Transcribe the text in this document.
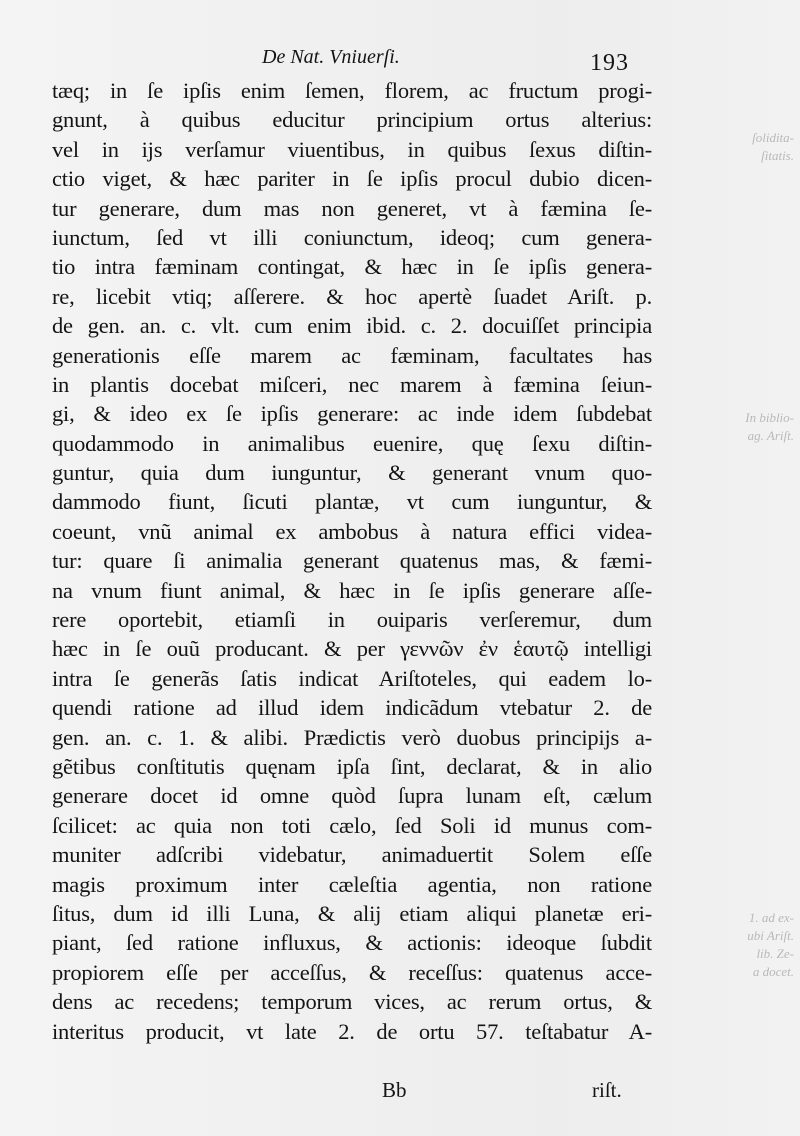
ſolidita-
ſitatis.
In biblio-
ag. Ariſt.
1. ad ex-
ubi Ariſt.
lib. Ze-
a docet.
De Nat. Vniuerſi.	193
tæq; in ſe ipſis enim ſemen, florem, ac fructum progi-
gnunt, à quibus educitur principium ortus alterius:
vel in ijs verſamur viuentibus, in quibus ſexus diſtin-
ctio viget, & hæc pariter in ſe ipſis procul dubio dicen-
tur generare, dum mas non generet, vt à fæmina ſe-
iunctum, ſed vt illi coniunctum, ideoq; cum genera-
tio intra fæminam contingat, & hæc in ſe ipſis genera-
re, licebit vtiq; aſſerere. & hoc apertè ſuadet Ariſt. p.
de gen. an. c. vlt. cum enim ibid. c. 2. docuiſſet principia
generationis eſſe marem ac fæminam, facultates has
in plantis docebat miſceri, nec marem à fæmina ſeiun-
gi, & ideo ex ſe ipſis generare: ac inde idem ſubdebat
quodammodo in animalibus euenire, quę ſexu diſtin-
guntur, quia dum iunguntur, & generant vnum quo-
dammodo fiunt, ſicuti plantæ, vt cum iunguntur, &
coeunt, vnũ animal ex ambobus à natura effici videa-
tur: quare ſi animalia generant quatenus mas, & fæmi-
na vnum fiunt animal, & hæc in ſe ipſis generare aſſe-
rere oportebit, etiamſi in ouiparis verſeremur, dum
hæc in ſe ouũ producant. & per γεννῶν ἐν ἑαυτῷ intelligi
intra ſe generãs ſatis indicat Ariſtoteles, qui eadem lo-
quendi ratione ad illud idem indicãdum vtebatur 2. de
gen. an. c. 1. & alibi. Prædictis verò duobus principijs a-
gẽtibus conſtitutis quęnam ipſa ſint, declarat, & in alio
generare docet id omne quòd ſupra lunam eſt, cælum
ſcilicet: ac quia non toti cælo, ſed Soli id munus com-
muniter adſcribi videbatur, animaduertit Solem eſſe
magis proximum inter cæleſtia agentia, non ratione
ſitus, dum id illi Luna, & alij etiam aliqui planetæ eri-
piant, ſed ratione influxus, & actionis: ideoque ſubdit
propiorem eſſe per acceſſus, & receſſus: quatenus acce-
dens ac recedens; temporum vices, ac rerum ortus, &
interitus producit, vt late 2. de ortu 57. teſtabatur A-
Bb	riſt.
